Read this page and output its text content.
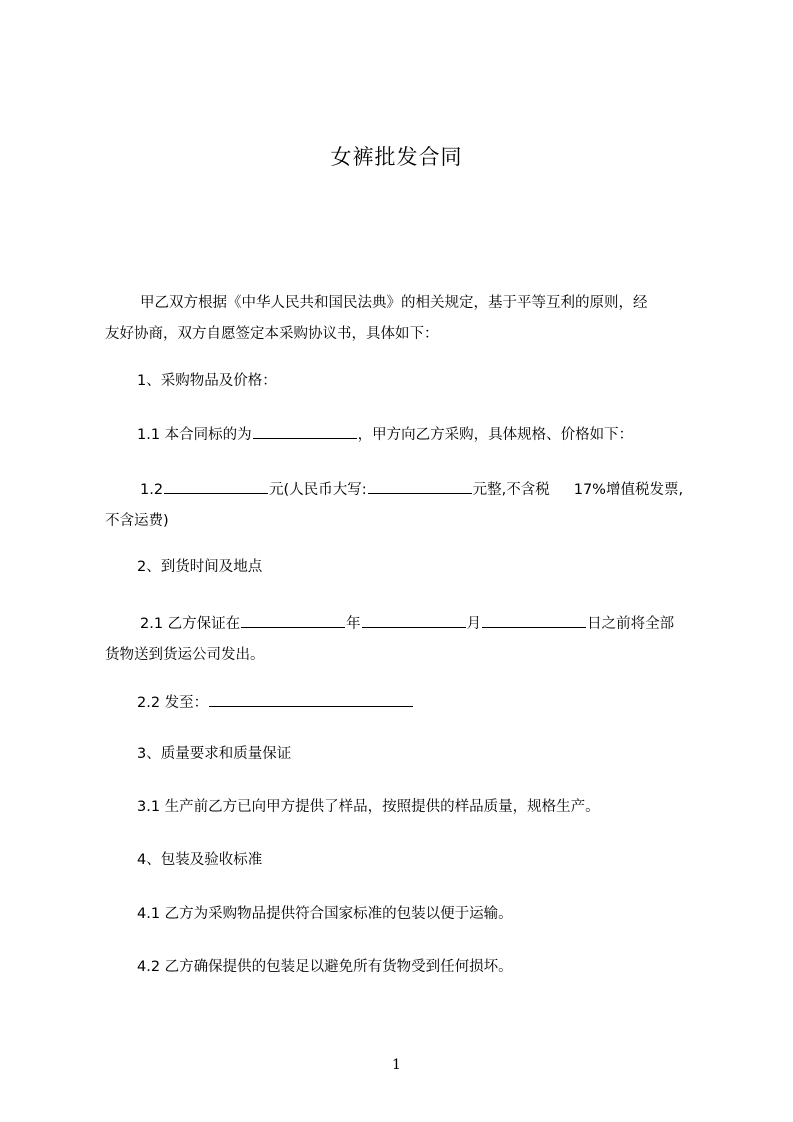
女裤批发合同
甲乙双方根据《中华人民共和国民法典》的相关规定，基于平等互利的原则，经
友好协商，双方自愿签定本采购协议书，具体如下：
1、采购物品及价格：
1.1 本合同标的为	，甲方向乙方采购，具体规格、价格如下：
1.2	元(人民币大写:	元整,不含税 17%增值税发票,
不含运费)
2、到货时间及地点
2.1 乙方保证在	年	月	日之前将全部
货物送到货运公司发出。
2.2 发至：
3、质量要求和质量保证
3.1 生产前乙方已向甲方提供了样品，按照提供的样品质量，规格生产。
4、包装及验收标准
4.1 乙方为采购物品提供符合国家标准的包装以便于运输。
4.2 乙方确保提供的包装足以避免所有货物受到任何损坏。
1
